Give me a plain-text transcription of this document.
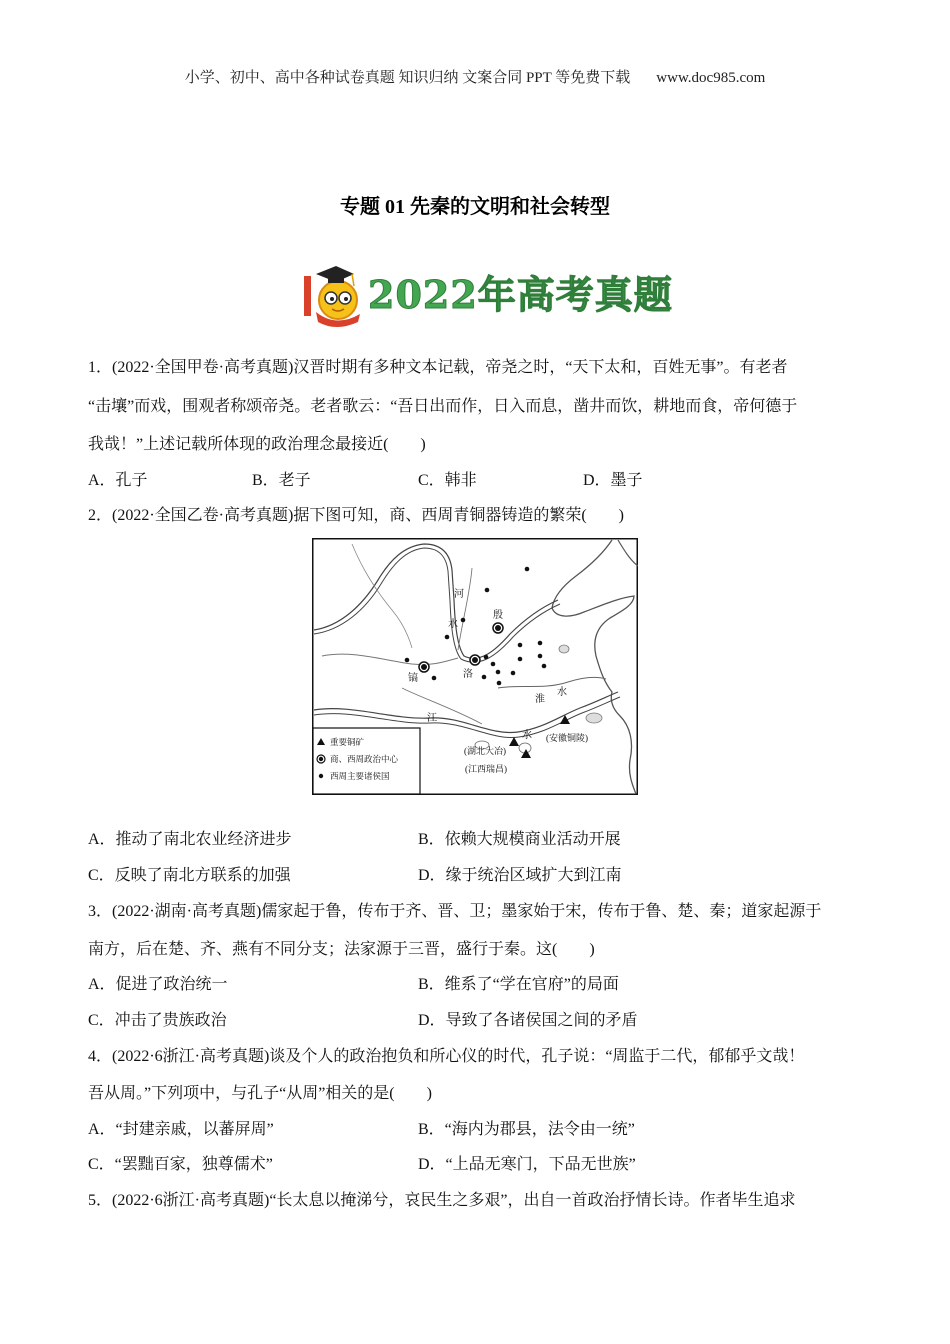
小学、初中、高中各种试卷真题 知识归纳 文案合同 PPT 等免费下载 www.doc985.com
专题 01 先秦的文明和社会转型
2022年高考真题
1．(2022·全国甲卷·高考真题)汉晋时期有多种文本记载，帝尧之时，“天下太和，百姓无事”。有老者
“击壤”而戏，围观者称颂帝尧。老者歌云：“吾日出而作，日入而息，凿井而饮，耕地而食，帝何德于
我哉！”上述记载所体现的政治理念最接近(　　)
A．孔子	B．老子	C．韩非	D．墨子
2．(2022·全国乙卷·高考真题)据下图可知，商、西周青铜器铸造的繁荣(　　)
河
水
殷
洛
镐
淮
水
江
水 (安徽铜陵)
(湖北大冶)
(江西瑞昌)
重要铜矿
商、西周政治中心
西周主要诸侯国
A．推动了南北农业经济进步	B．依赖大规模商业活动开展
C．反映了南北方联系的加强	D．缘于统治区域扩大到江南
3．(2022·湖南·高考真题)儒家起于鲁，传布于齐、晋、卫；墨家始于宋，传布于鲁、楚、秦；道家起源于
南方，后在楚、齐、燕有不同分支；法家源于三晋，盛行于秦。这(　　)
A．促进了政治统一	B．维系了“学在官府”的局面
C．冲击了贵族政治	D．导致了各诸侯国之间的矛盾
4．(2022·6浙江·高考真题)谈及个人的政治抱负和所心仪的时代，孔子说：“周监于二代，郁郁乎文哉！
吾从周。”下列项中，与孔子“从周”相关的是(　　)
A．“封建亲戚，以蕃屏周”	B．“海内为郡县，法令由一统”
C．“罢黜百家，独尊儒术”	D．“上品无寒门，下品无世族”
5．(2022·6浙江·高考真题)“长太息以掩涕兮，哀民生之多艰”，出自一首政治抒情长诗。作者毕生追求
